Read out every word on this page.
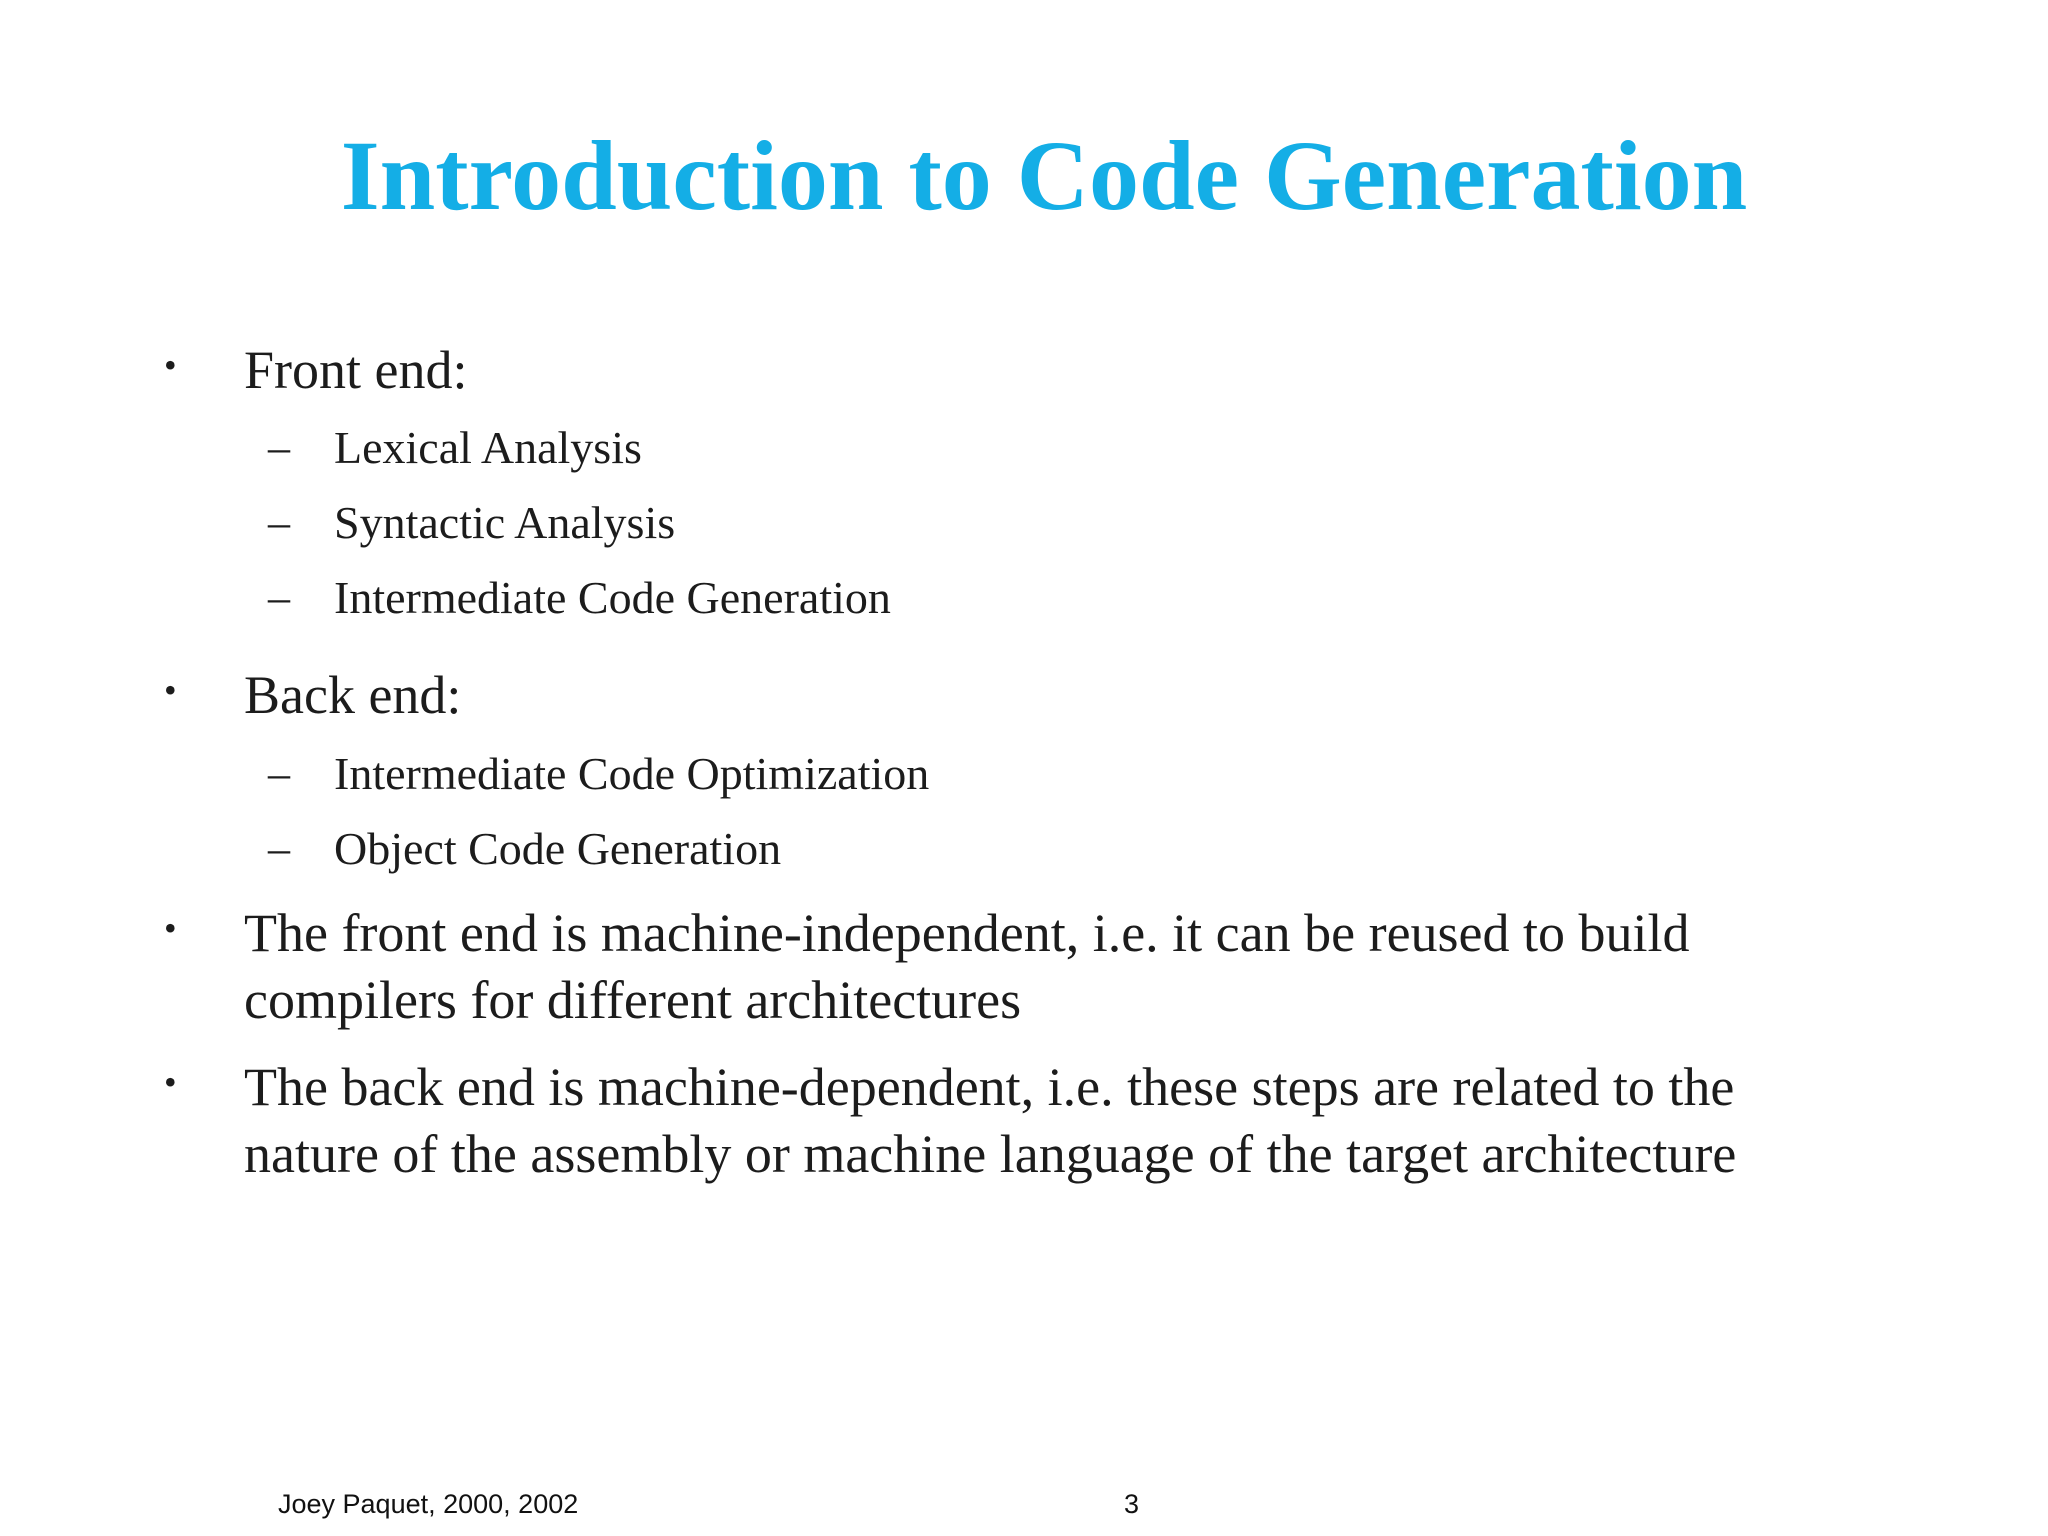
Introduction to Code Generation
• Front end:
– Lexical Analysis
– Syntactic Analysis
– Intermediate Code Generation
• Back end:
– Intermediate Code Optimization
– Object Code Generation
• The front end is machine-independent, i.e. it can be reused to build compilers for different architectures
• The back end is machine-dependent, i.e. these steps are related to the nature of the assembly or machine language of the target architecture
Joey Paquet, 2000, 2002	3
